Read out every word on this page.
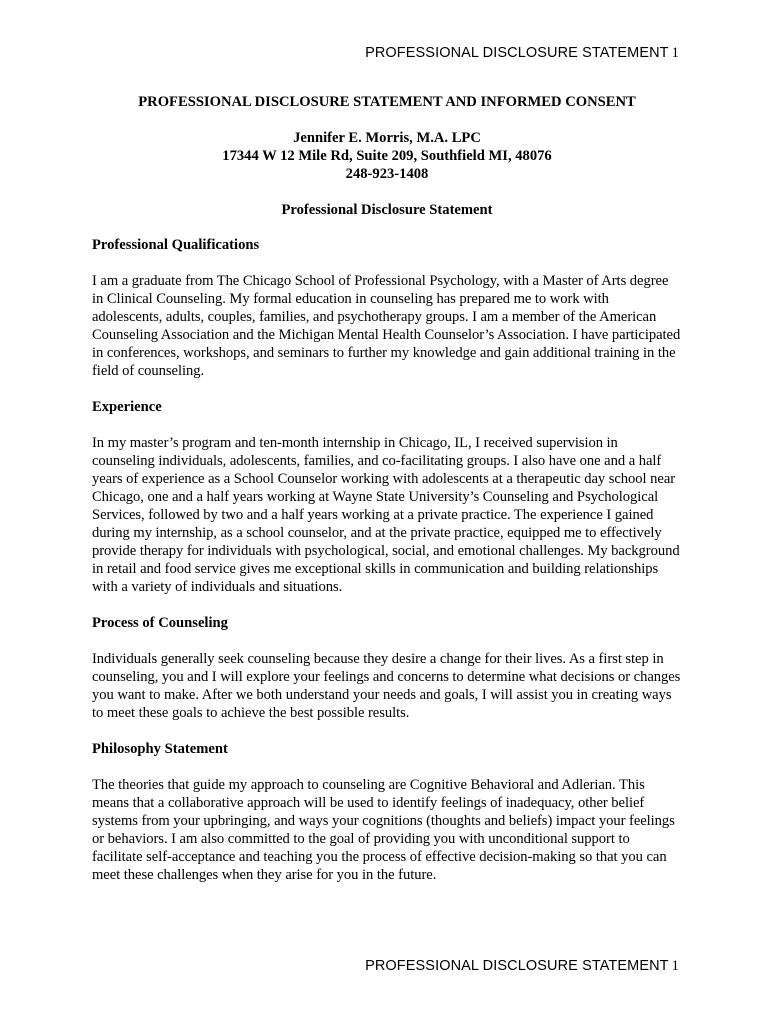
PROFESSIONAL DISCLOSURE STATEMENT 1
PROFESSIONAL DISCLOSURE STATEMENT AND INFORMED CONSENT
Jennifer E. Morris, M.A. LPC
17344 W 12 Mile Rd, Suite 209, Southfield MI, 48076
248-923-1408
Professional Disclosure Statement
Professional Qualifications

I am a graduate from The Chicago School of Professional Psychology, with a Master of Arts degree in Clinical Counseling. My formal education in counseling has prepared me to work with adolescents, adults, couples, families, and psychotherapy groups. I am a member of the American Counseling Association and the Michigan Mental Health Counselor’s Association. I have participated in conferences, workshops, and seminars to further my knowledge and gain additional training in the field of counseling.

Experience

In my master’s program and ten-month internship in Chicago, IL, I received supervision in counseling individuals, adolescents, families, and co-facilitating groups. I also have one and a half years of experience as a School Counselor working with adolescents at a therapeutic day school near Chicago, one and a half years working at Wayne State University’s Counseling and Psychological Services, followed by two and a half years working at a private practice. The experience I gained during my internship, as a school counselor, and at the private practice, equipped me to effectively provide therapy for individuals with psychological, social, and emotional challenges. My background in retail and food service gives me exceptional skills in communication and building relationships with a variety of individuals and situations.

Process of Counseling

Individuals generally seek counseling because they desire a change for their lives. As a first step in counseling, you and I will explore your feelings and concerns to determine what decisions or changes you want to make. After we both understand your needs and goals, I will assist you in creating ways to meet these goals to achieve the best possible results.

Philosophy Statement

The theories that guide my approach to counseling are Cognitive Behavioral and Adlerian. This means that a collaborative approach will be used to identify feelings of inadequacy, other belief systems from your upbringing, and ways your cognitions (thoughts and beliefs) impact your feelings or behaviors. I am also committed to the goal of providing you with unconditional support to facilitate self-acceptance and teaching you the process of effective decision-making so that you can meet these challenges when they arise for you in the future.

PROFESSIONAL DISCLOSURE STATEMENT 1
